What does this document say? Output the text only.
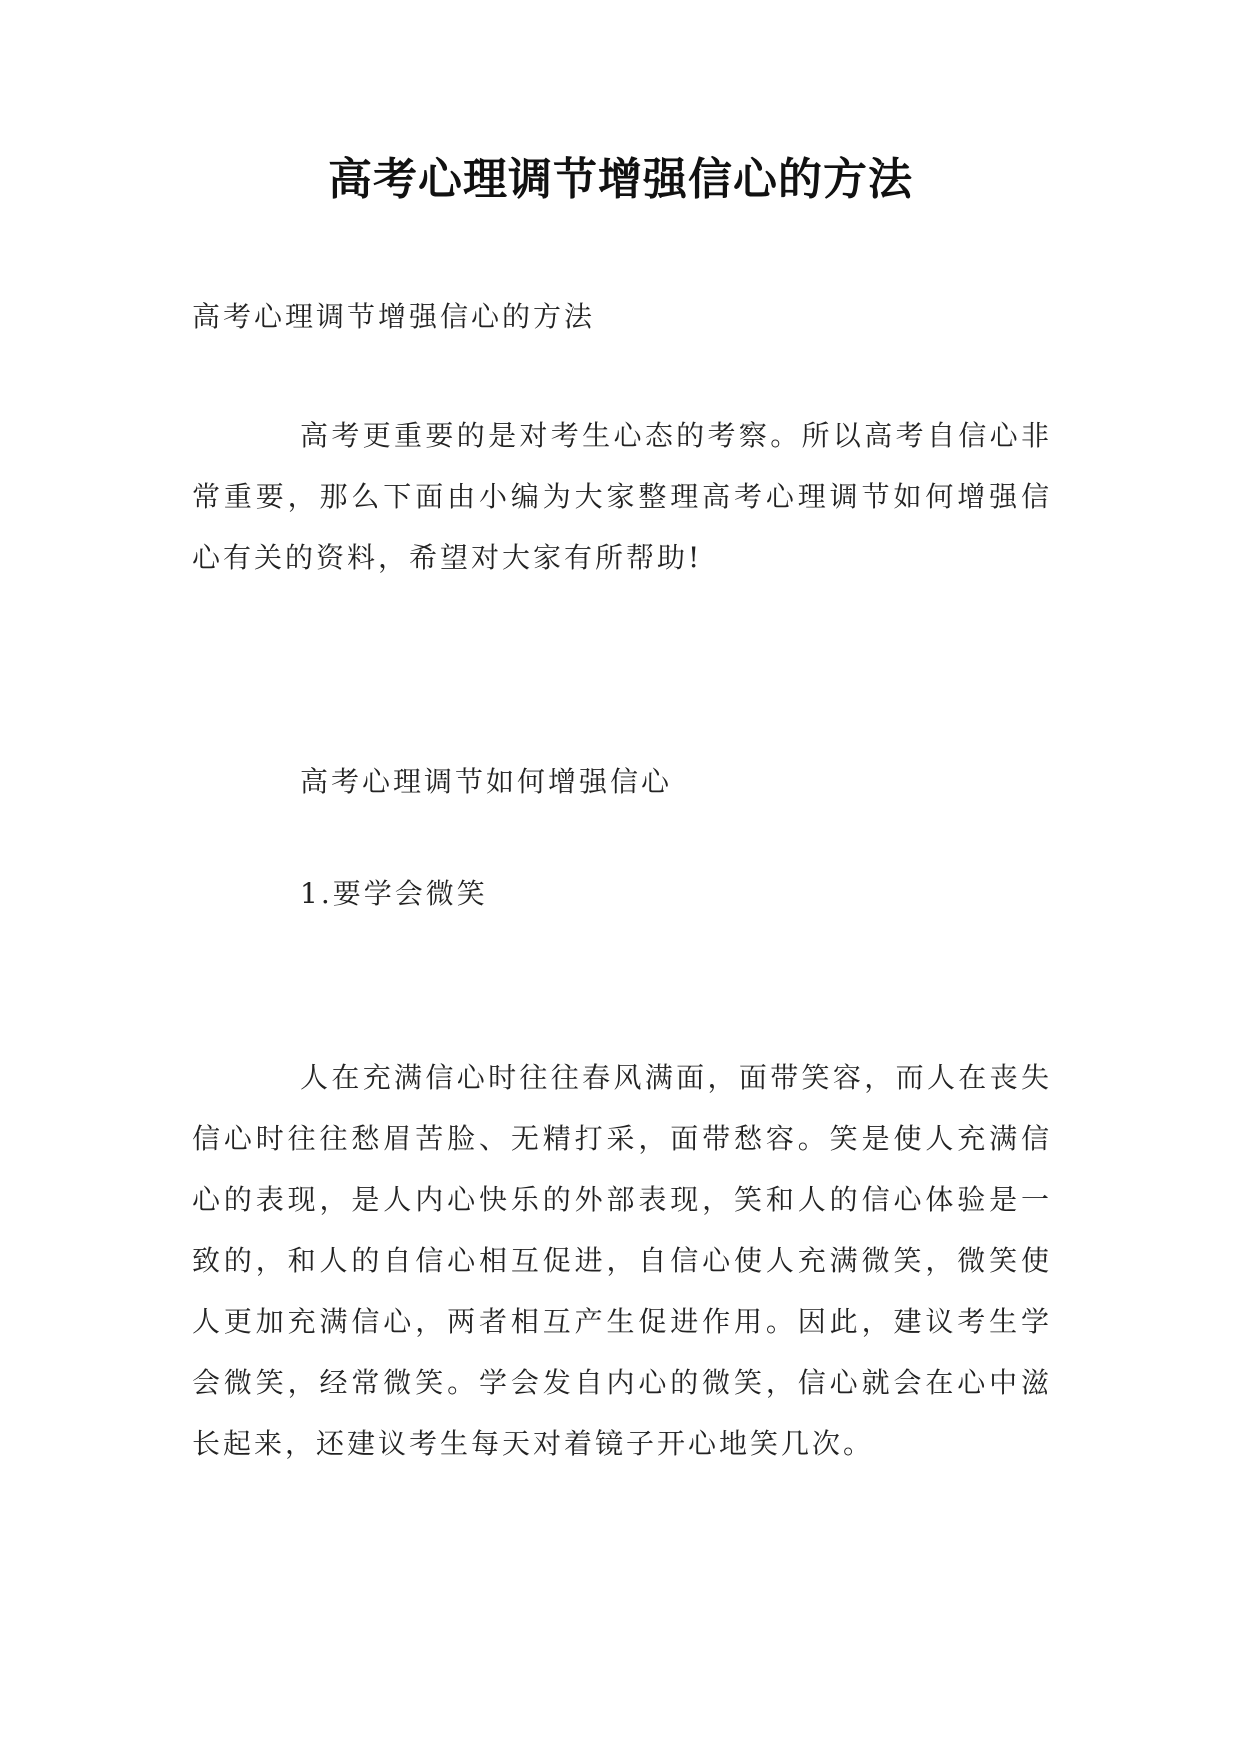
高考心理调节增强信心的方法
高考心理调节增强信心的方法

高考更重要的是对考生心态的考察。所以高考自信心非常重要，那么下面由小编为大家整理高考心理调节如何增强信心有关的资料，希望对大家有所帮助!

高考心理调节如何增强信心
1.要学会微笑

人在充满信心时往往春风满面，面带笑容，而人在丧失信心时往往愁眉苦脸、无精打采，面带愁容。笑是使人充满信心的表现，是人内心快乐的外部表现，笑和人的信心体验是一致的，和人的自信心相互促进，自信心使人充满微笑，微笑使人更加充满信心，两者相互产生促进作用。因此，建议考生学会微笑，经常微笑。学会发自内心的微笑，信心就会在心中滋长起来，还建议考生每天对着镜子开心地笑几次。
